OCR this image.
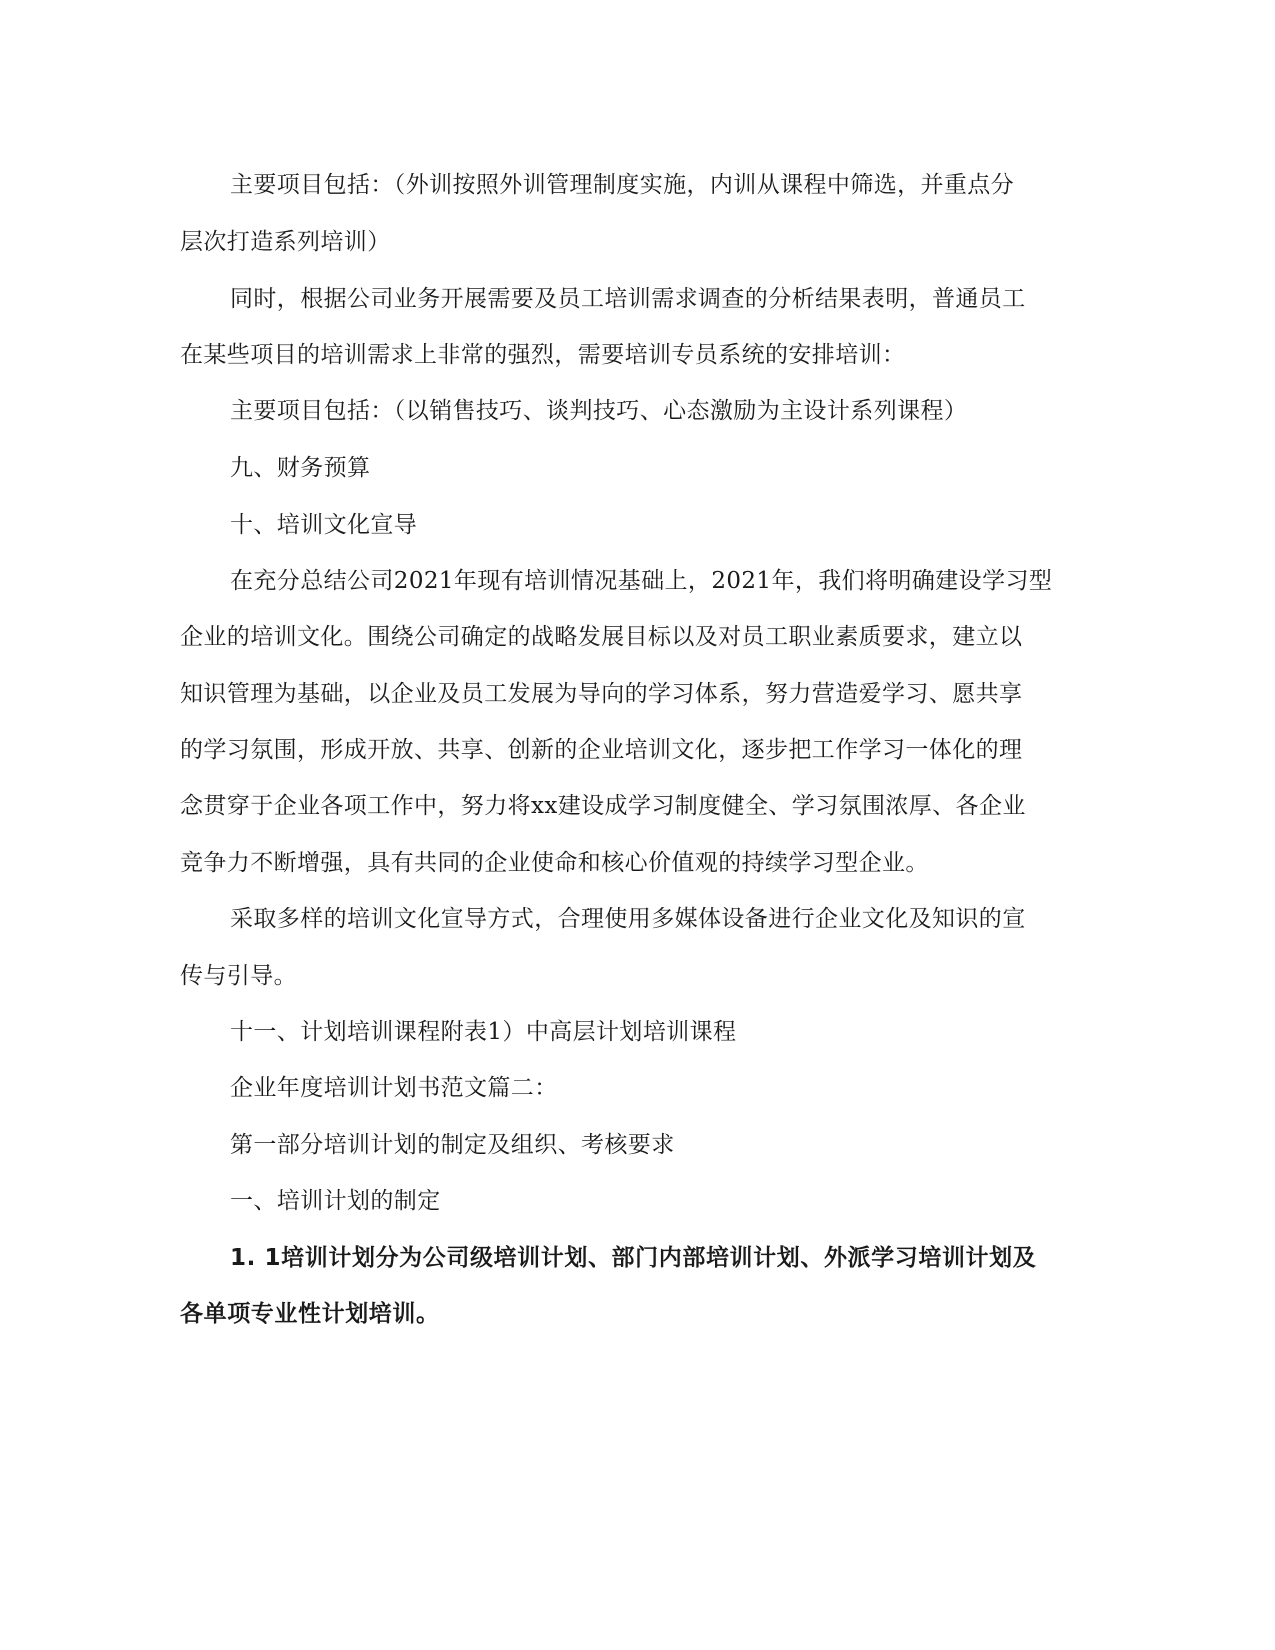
主要项目包括：（外训按照外训管理制度实施，内训从课程中筛选，并重点分
层次打造系列培训）
同时，根据公司业务开展需要及员工培训需求调查的分析结果表明，普通员工
在某些项目的培训需求上非常的强烈，需要培训专员系统的安排培训：
主要项目包括：（以销售技巧、谈判技巧、心态激励为主设计系列课程）
九、财务预算
十、培训文化宣导
在充分总结公司2021年现有培训情况基础上，2021年，我们将明确建设学习型
企业的培训文化。围绕公司确定的战略发展目标以及对员工职业素质要求，建立以
知识管理为基础，以企业及员工发展为导向的学习体系，努力营造爱学习、愿共享
的学习氛围，形成开放、共享、创新的企业培训文化，逐步把工作学习一体化的理
念贯穿于企业各项工作中，努力将xx建设成学习制度健全、学习氛围浓厚、各企业
竞争力不断增强，具有共同的企业使命和核心价值观的持续学习型企业。
采取多样的培训文化宣导方式，合理使用多媒体设备进行企业文化及知识的宣
传与引导。
十一、计划培训课程附表1）中高层计划培训课程
企业年度培训计划书范文篇二：
第一部分培训计划的制定及组织、考核要求
一、培训计划的制定
1. 1培训计划分为公司级培训计划、部门内部培训计划、外派学习培训计划及
各单项专业性计划培训。
